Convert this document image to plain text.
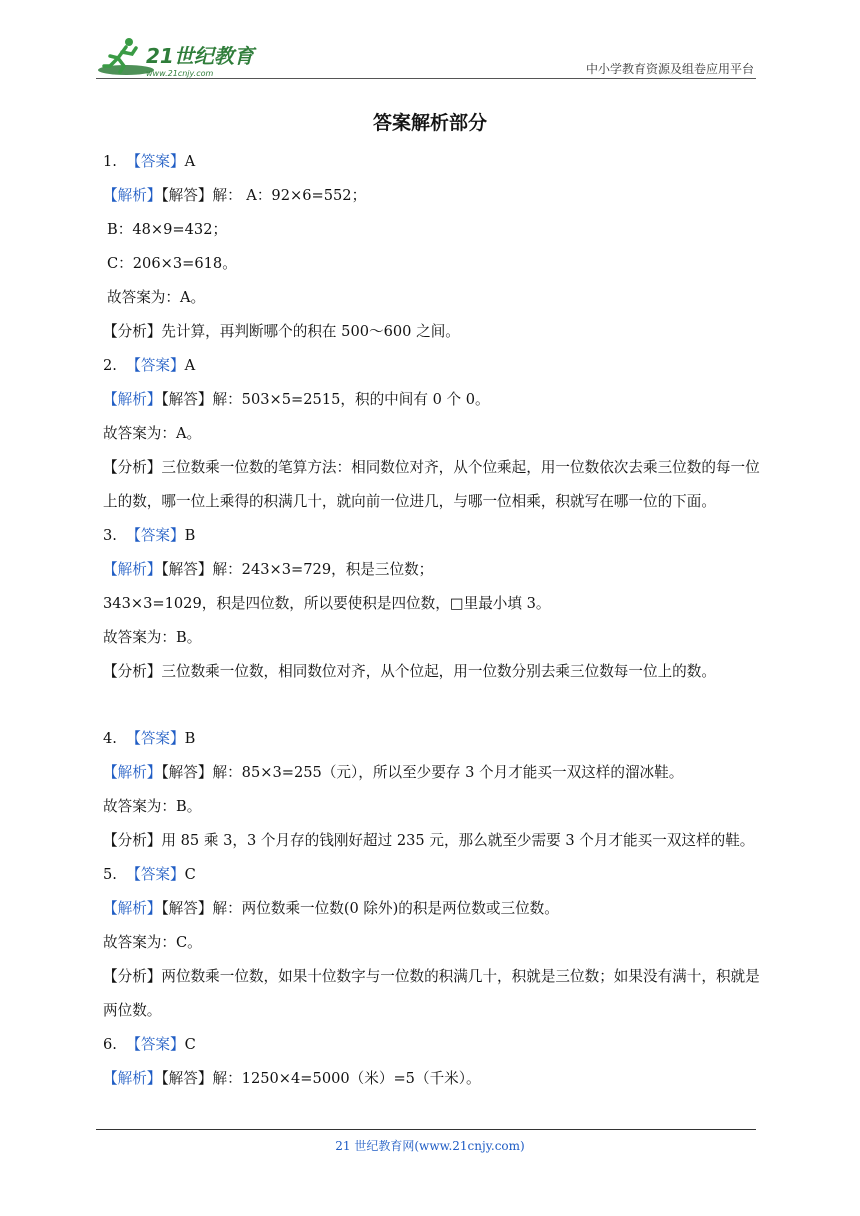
21世纪教育
www.21cnjy.com	中小学教育资源及组卷应用平台
答案解析部分
1. 【答案】A
【解析】【解答】解： A：92×6=552；
B：48×9=432；
C：206×3=618。
故答案为：A。
【分析】先计算，再判断哪个的积在 500～600 之间。
2. 【答案】A
【解析】【解答】解：503×5=2515，积的中间有 0 个 0。
故答案为：A。
【分析】三位数乘一位数的笔算方法：相同数位对齐，从个位乘起，用一位数依次去乘三位数的每一位上的数，哪一位上乘得的积满几十，就向前一位进几，与哪一位相乘，积就写在哪一位的下面。
3. 【答案】B
【解析】【解答】解：243×3=729，积是三位数；
343×3=1029，积是四位数，所以要使积是四位数，□里最小填 3。
故答案为：B。
【分析】三位数乘一位数，相同数位对齐，从个位起，用一位数分别去乘三位数每一位上的数。
4. 【答案】B
【解析】【解答】解：85×3=255（元），所以至少要存 3 个月才能买一双这样的溜冰鞋。
故答案为：B。
【分析】用 85 乘 3，3 个月存的钱刚好超过 235 元，那么就至少需要 3 个月才能买一双这样的鞋。
5. 【答案】C
【解析】【解答】解：两位数乘一位数(0 除外)的积是两位数或三位数。
故答案为：C。
【分析】两位数乘一位数，如果十位数字与一位数的积满几十，积就是三位数；如果没有满十，积就是两位数。
6. 【答案】C
【解析】【解答】解：1250×4=5000（米）=5（千米）。
21 世纪教育网(www.21cnjy.com)
